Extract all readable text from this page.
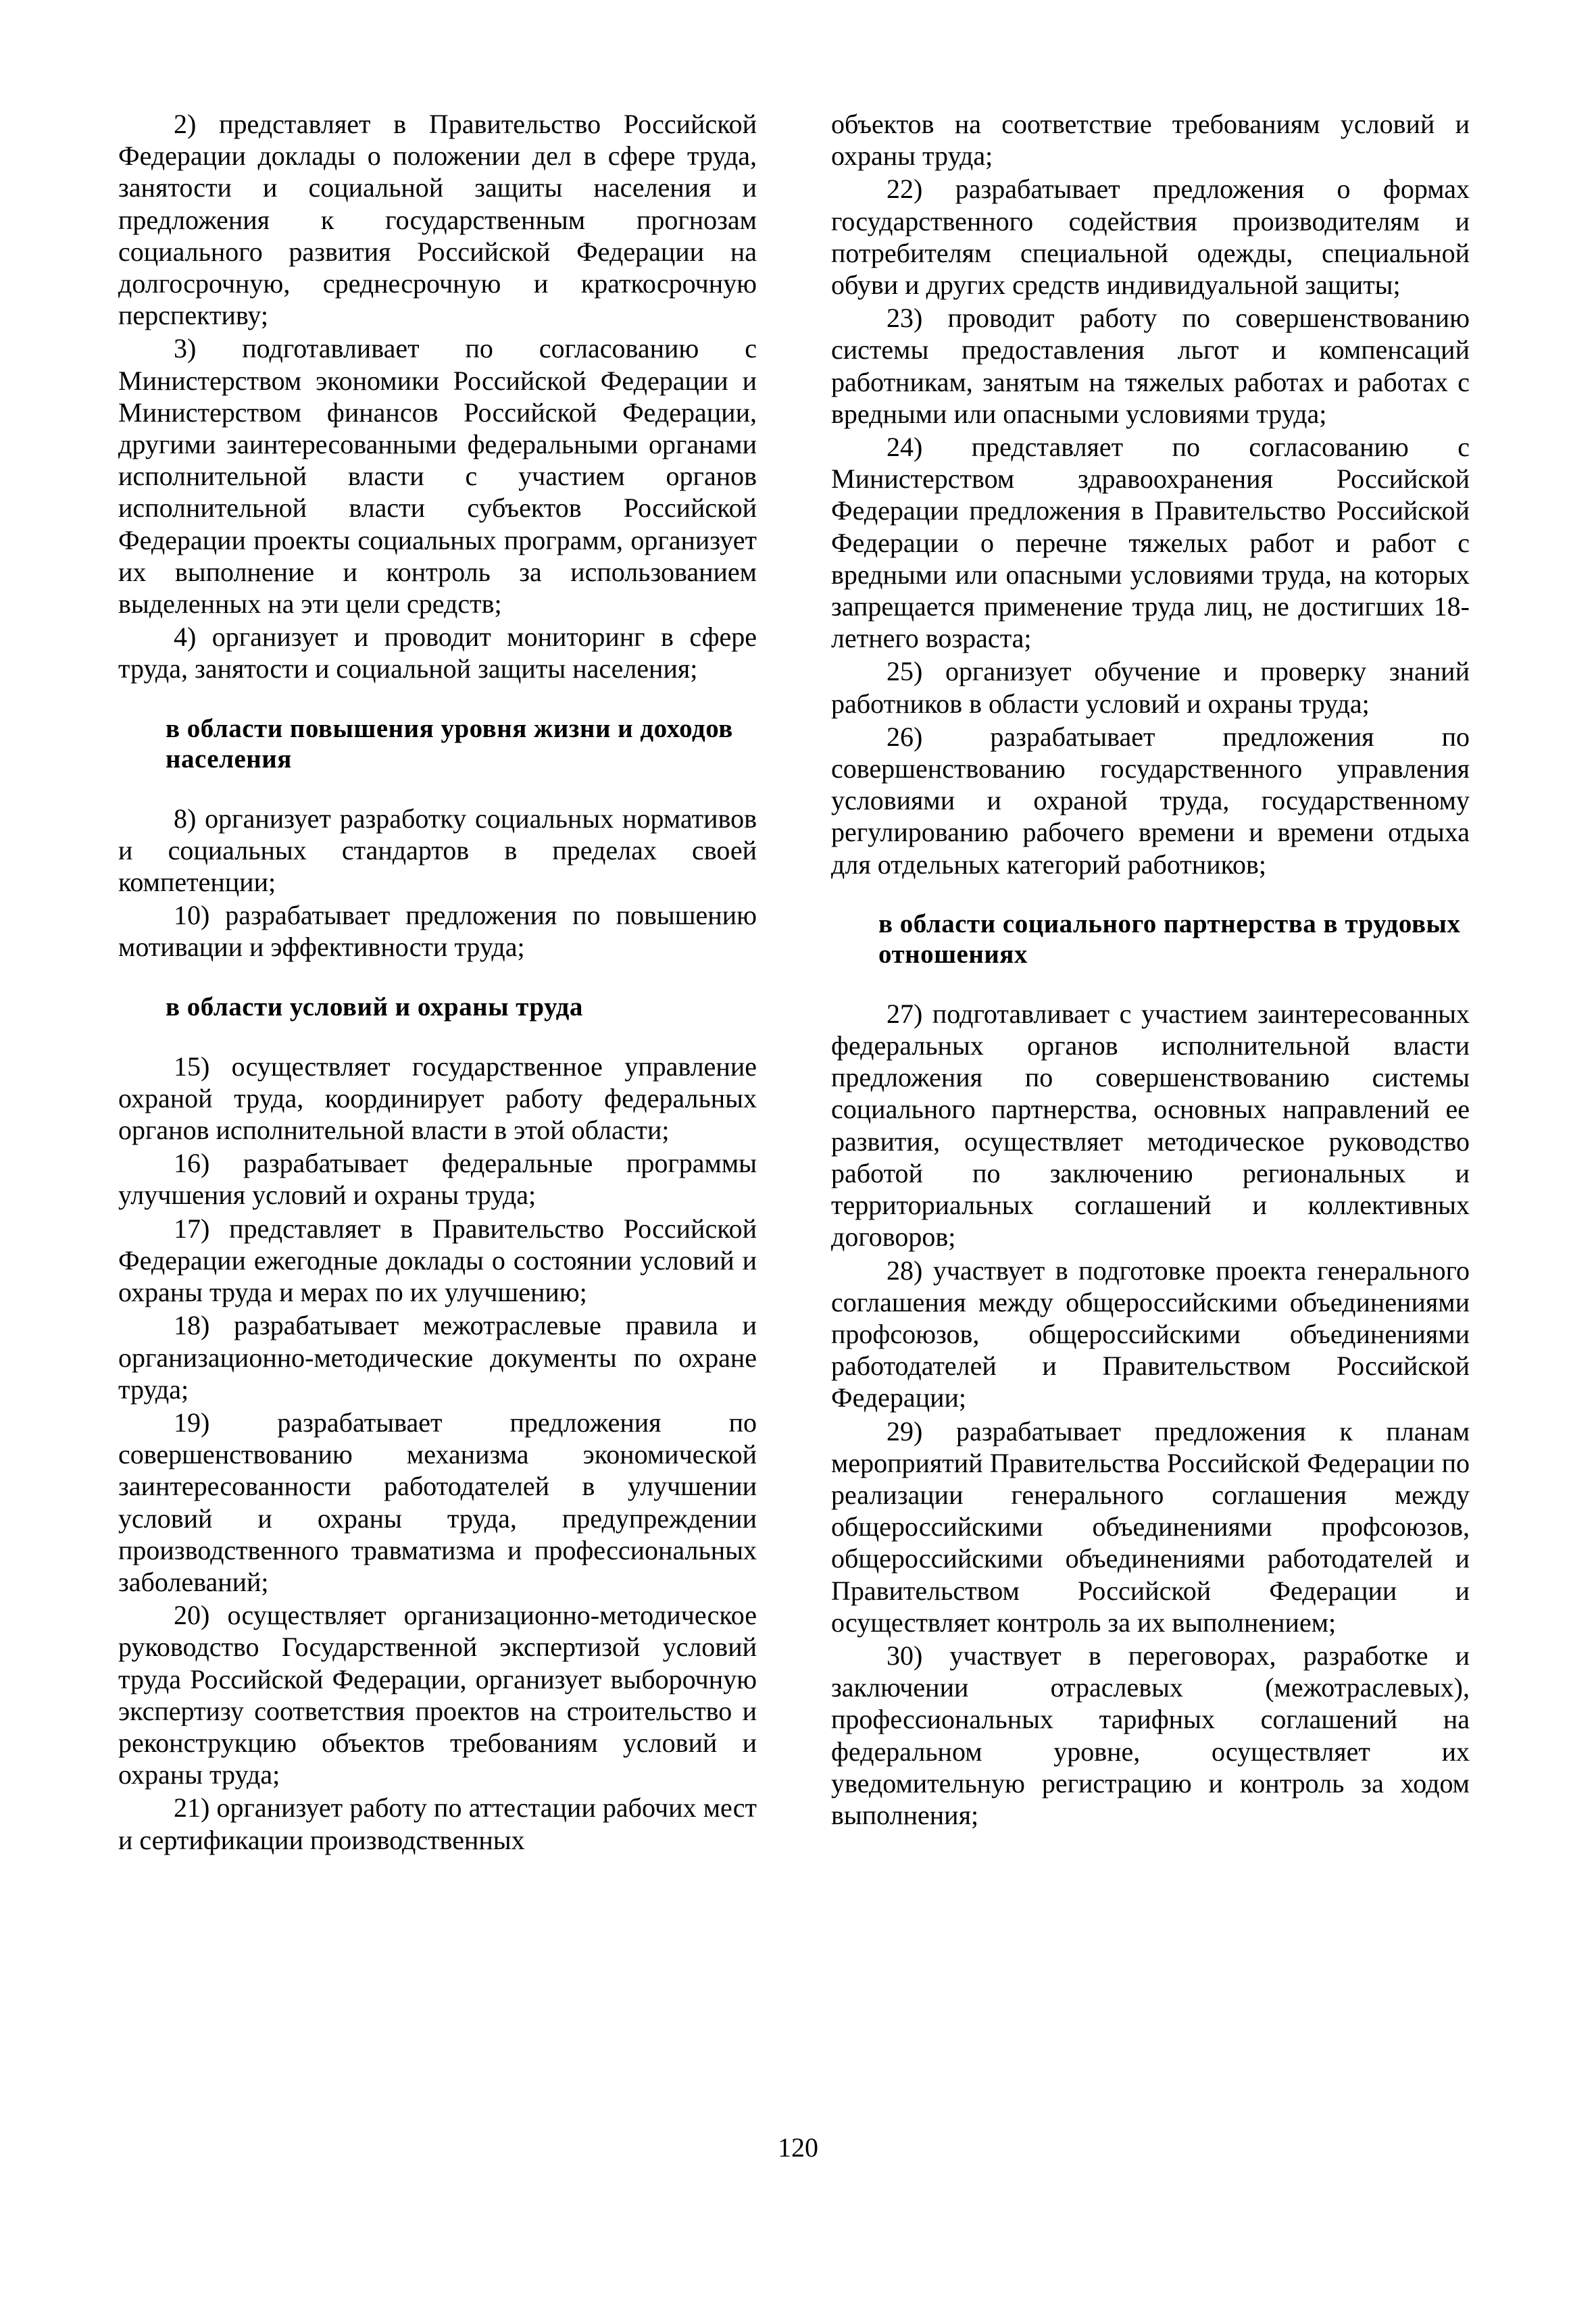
2) представляет в Правительство Российской Федерации доклады о положении дел в сфере труда, занятости и социальной защиты населения и предложения к государственным прогнозам социального развития Российской Федерации на долгосрочную, среднесрочную и краткосрочную перспективу;

3) подготавливает по согласованию с Министерством экономики Российской Федерации и Министерством финансов Российской Федерации, другими заинтересованными федеральными органами исполнительной власти с участием органов исполнительной власти субъектов Российской Федерации проекты социальных программ, организует их выполнение и контроль за использованием выделенных на эти цели средств;

4) организует и проводит мониторинг в сфере труда, занятости и социальной защиты населения;

в области повышения уровня жизни и доходов населения

8) организует разработку социальных нормативов и социальных стандартов в пределах своей компетенции;

10) разрабатывает предложения по повышению мотивации и эффективности труда;

в области условий и охраны труда

15) осуществляет государственное управление охраной труда, координирует работу федеральных органов исполнительной власти в этой области;

16) разрабатывает федеральные программы улучшения условий и охраны труда;

17) представляет в Правительство Российской Федерации ежегодные доклады о состоянии условий и охраны труда и мерах по их улучшению;

18) разрабатывает межотраслевые правила и организационно-методические документы по охране труда;

19) разрабатывает предложения по совершенствованию механизма экономической заинтересованности работодателей в улучшении условий и охраны труда, предупреждении производственного травматизма и профессиональных заболеваний;

20) осуществляет организационно-методическое руководство Государственной экспертизой условий труда Российской Федерации, организует выборочную экспертизу соответствия проектов на строительство и реконструкцию объектов требованиям условий и охраны труда;

21) организует работу по аттестации рабочих мест и сертификации производственных

объектов на соответствие требованиям условий и охраны труда;

22) разрабатывает предложения о формах государственного содействия производителям и потребителям специальной одежды, специальной обуви и других средств индивидуальной защиты;

23) проводит работу по совершенствованию системы предоставления льгот и компенсаций работникам, занятым на тяжелых работах и работах с вредными или опасными условиями труда;

24) представляет по согласованию с Министерством здравоохранения Российской Федерации предложения в Правительство Российской Федерации о перечне тяжелых работ и работ с вредными или опасными условиями труда, на которых запрещается применение труда лиц, не достигших 18-летнего возраста;

25) организует обучение и проверку знаний работников в области условий и охраны труда;

26) разрабатывает предложения по совершенствованию государственного управления условиями и охраной труда, государственному регулированию рабочего времени и времени отдыха для отдельных категорий работников;

в области социального партнерства в трудовых отношениях

27) подготавливает с участием заинтересованных федеральных органов исполнительной власти предложения по совершенствованию системы социального партнерства, основных направлений ее развития, осуществляет методическое руководство работой по заключению региональных и территориальных соглашений и коллективных договоров;

28) участвует в подготовке проекта генерального соглашения между общероссийскими объединениями профсоюзов, общероссийскими объединениями работодателей и Правительством Российской Федерации;

29) разрабатывает предложения к планам мероприятий Правительства Российской Федерации по реализации генерального соглашения между общероссийскими объединениями профсоюзов, общероссийскими объединениями работодателей и Правительством Российской Федерации и осуществляет контроль за их выполнением;

30) участвует в переговорах, разработке и заключении отраслевых (межотраслевых), профессиональных тарифных соглашений на федеральном уровне, осуществляет их уведомительную регистрацию и контроль за ходом выполнения;

120
